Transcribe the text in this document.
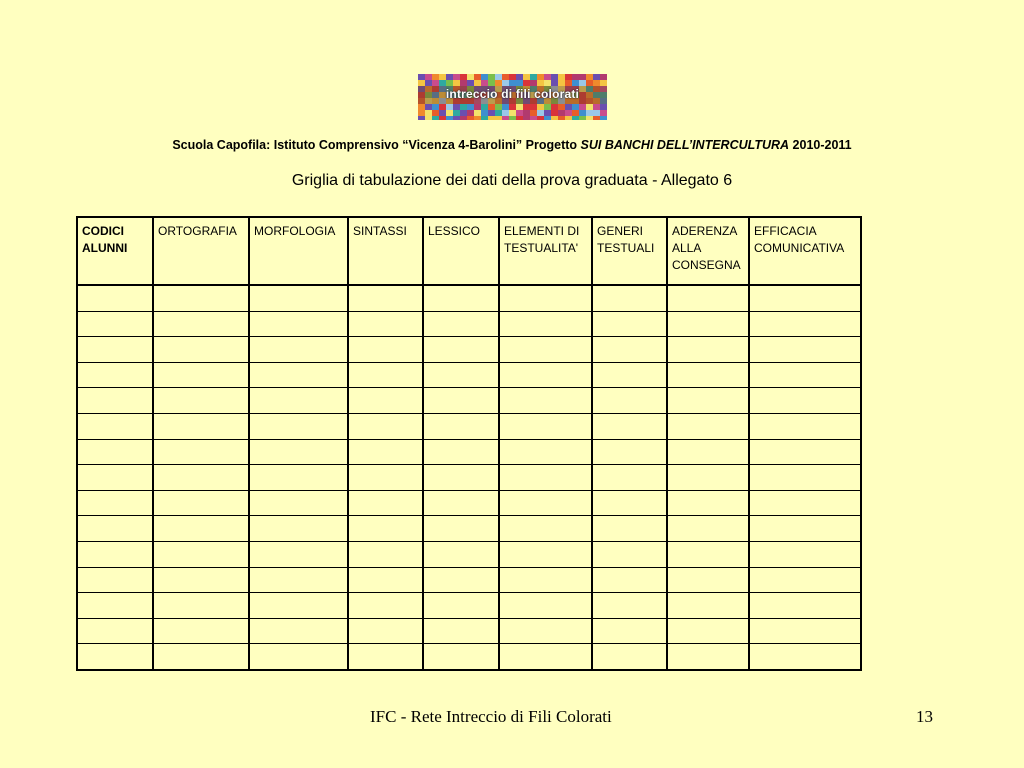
intreccio di fili colorati
Scuola Capofila: Istituto Comprensivo “Vicenza 4-Barolini” Progetto SUI BANCHI DELL’INTERCULTURA 2010-2011
Griglia di tabulazione dei dati della prova graduata - Allegato 6
CODICI ALUNNI	ORTOGRAFIA	MORFOLOGIA	SINTASSI	LESSICO	ELEMENTI DI TESTUALITA'	GENERI TESTUALI	ADERENZA ALLA CONSEGNA	EFFICACIA COMUNICATIVA

IFC - Rete Intreccio di Fili Colorati	13
